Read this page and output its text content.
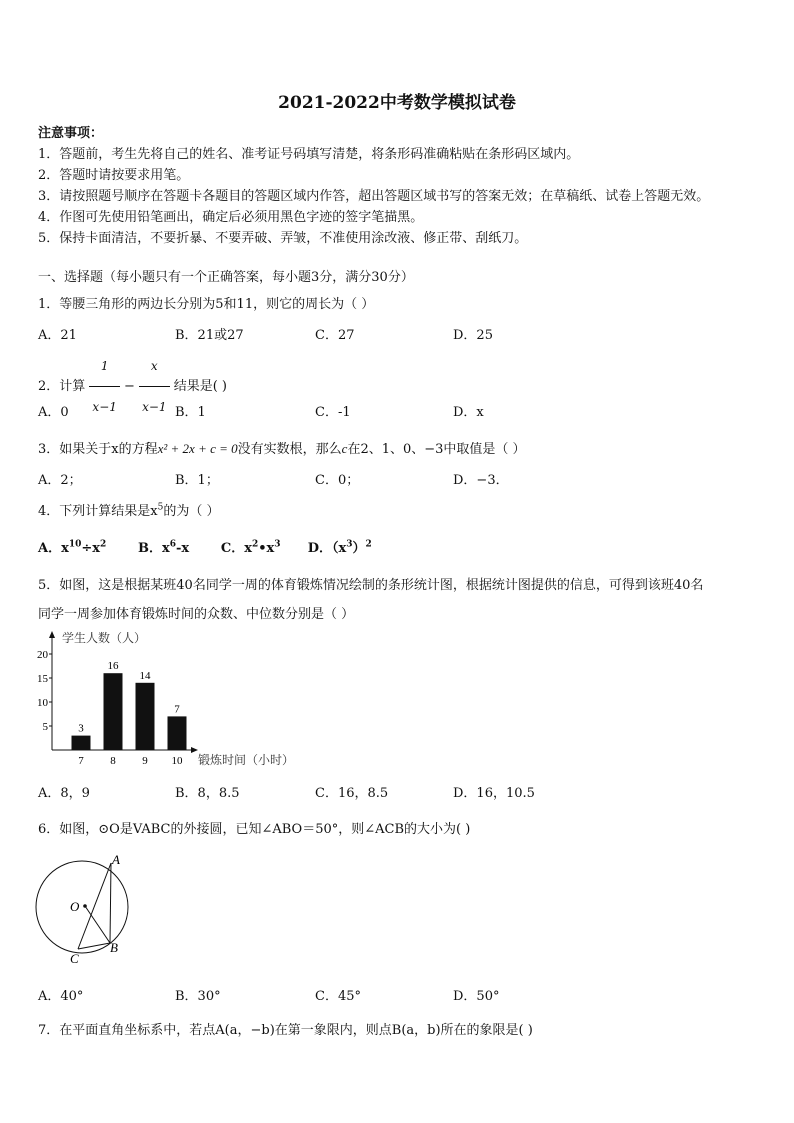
2021-2022中考数学模拟试卷
注意事项：
1．答题前，考生先将自己的姓名、准考证号码填写清楚，将条形码准确粘贴在条形码区域内。
2．答题时请按要求用笔。
3．请按照题号顺序在答题卡各题目的答题区域内作答，超出答题区域书写的答案无效；在草稿纸、试卷上答题无效。
4．作图可先使用铅笔画出，确定后必须用黑色字迹的签字笔描黑。
5．保持卡面清洁，不要折暴、不要弄破、弄皱，不准使用涂改液、修正带、刮纸刀。
一、选择题（每小题只有一个正确答案，每小题3分，满分30分）
1．等腰三角形的两边长分别为5和11，则它的周长为（ ）
A．21	B．21或27	C．27	D．25
2．计算 $\frac{1}{x-1} - \frac{x}{x-1}$ 结果是( )
A．0	B．1	C．-1	D．x
3．如果关于x的方程x² + 2x + c = 0没有实数根，那么c在2、1、0、−3中取值是（ ）
A．2；	B．1；	C．0；	D．−3．
4．下列计算结果是$x^5$的为（ ）
A．$x^{10}\div x^2$ B．$x^6-x$ C．$x^2•x^3$ D．$(x^3)^2$
5．如图，这是根据某班40名同学一周的体育锻炼情况绘制的条形统计图，根据统计图提供的信息，可得到该班40名
同学一周参加体育锻炼时间的众数、中位数分别是（ ）
学生人数（人）
锻炼时间（小时）
5
10
15
20
3
7
16
8
14
9
7
10
A．8，9	B．8，8.5	C．16，8.5	D．16，10.5
6．如图，⊙O是VABC的外接圆，已知∠ABO＝50°，则∠ACB的大小为( )
A
O
B
C
A．40°	B．30°	C．45°	D．50°
7．在平面直角坐标系中，若点A(a，−b)在第一象限内，则点B(a，b)所在的象限是( )
